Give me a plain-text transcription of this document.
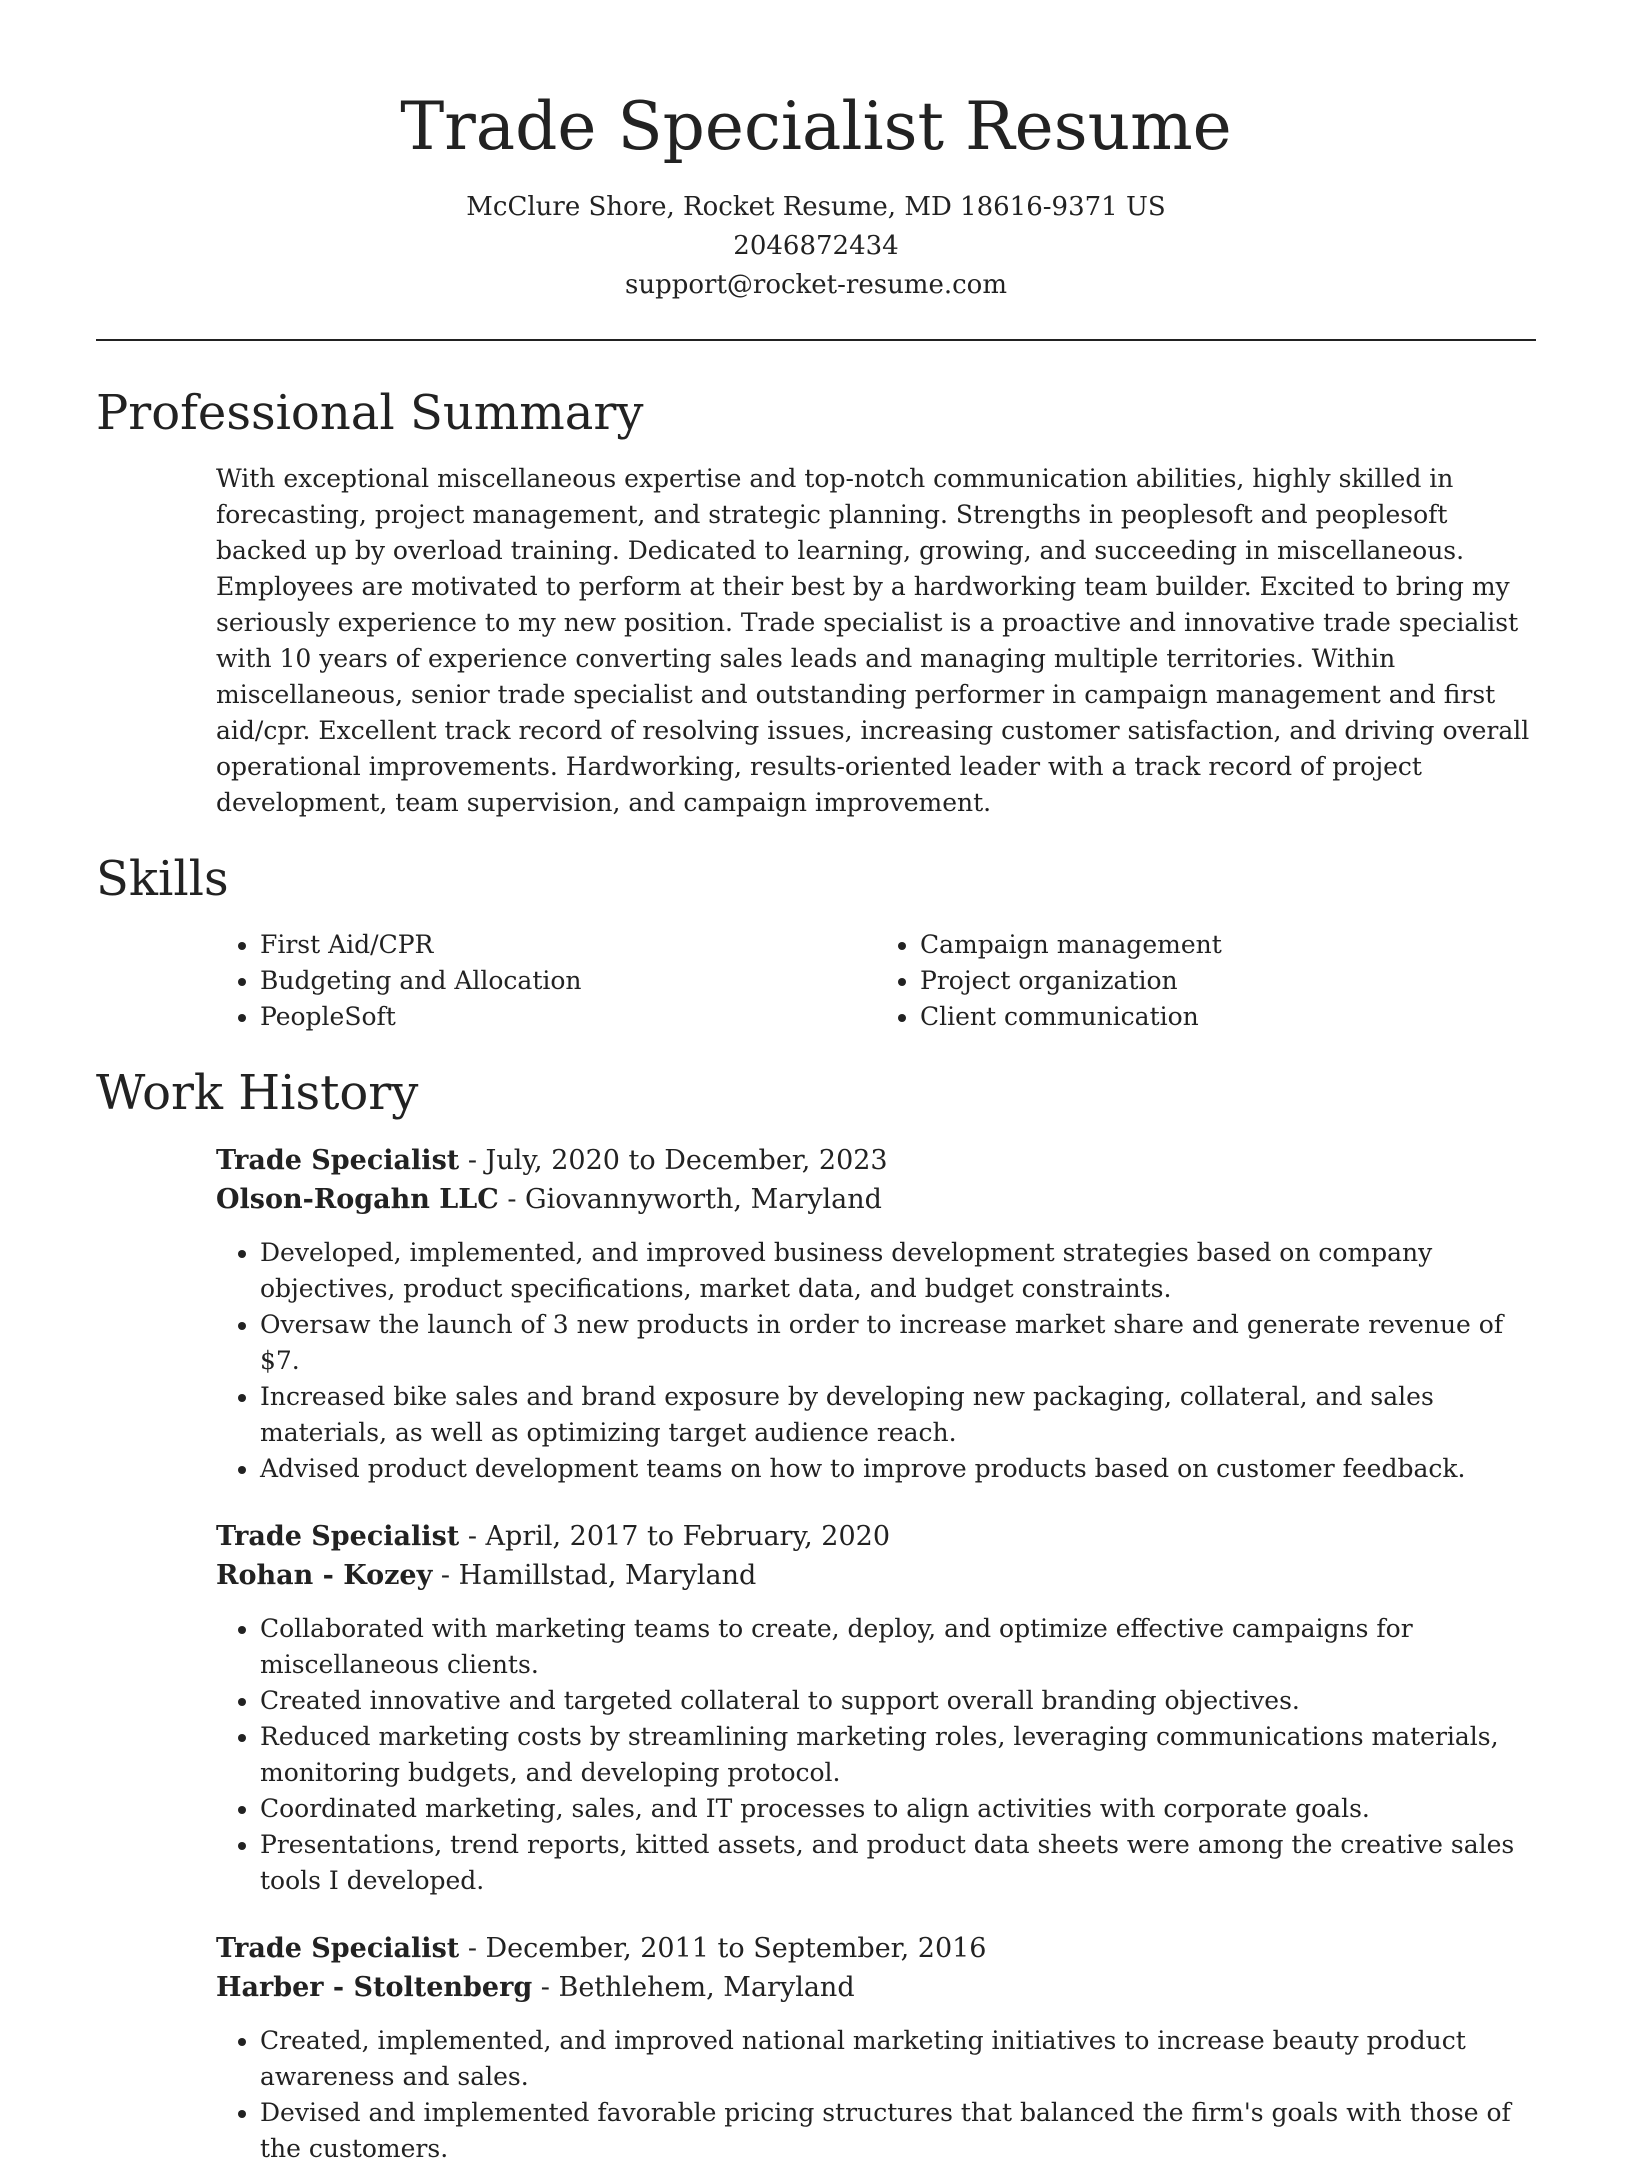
Trade Specialist Resume

McClure Shore, Rocket Resume, MD 18616-9371 US

2046872434

support@rocket-resume.com

Professional Summary

With exceptional miscellaneous expertise and top-notch communication abilities, highly skilled in forecasting, project management, and strategic planning. Strengths in peoplesoft and peoplesoft backed up by overload training. Dedicated to learning, growing, and succeeding in miscellaneous. Employees are motivated to perform at their best by a hardworking team builder. Excited to bring my seriously experience to my new position. Trade specialist is a proactive and innovative trade specialist with 10 years of experience converting sales leads and managing multiple territories. Within miscellaneous, senior trade specialist and outstanding performer in campaign management and first aid/cpr. Excellent track record of resolving issues, increasing customer satisfaction, and driving overall operational improvements. Hardworking, results-oriented leader with a track record of project development, team supervision, and campaign improvement.

Skills
• First Aid/CPR
• Budgeting and Allocation
• PeopleSoft
• Campaign management
• Project organization
• Client communication
Work History

Trade Specialist - July, 2020 to December, 2023

Olson-Rogahn LLC - Giovannyworth, Maryland

• Developed, implemented, and improved business development strategies based on company objectives, product specifications, market data, and budget constraints.
• Oversaw the launch of 3 new products in order to increase market share and generate revenue of $7.
• Increased bike sales and brand exposure by developing new packaging, collateral, and sales materials, as well as optimizing target audience reach.
• Advised product development teams on how to improve products based on customer feedback.

Trade Specialist - April, 2017 to February, 2020

Rohan - Kozey - Hamillstad, Maryland

• Collaborated with marketing teams to create, deploy, and optimize effective campaigns for miscellaneous clients.
• Created innovative and targeted collateral to support overall branding objectives.
• Reduced marketing costs by streamlining marketing roles, leveraging communications materials, monitoring budgets, and developing protocol.
• Coordinated marketing, sales, and IT processes to align activities with corporate goals.
• Presentations, trend reports, kitted assets, and product data sheets were among the creative sales tools I developed.

Trade Specialist - December, 2011 to September, 2016

Harber - Stoltenberg - Bethlehem, Maryland

• Created, implemented, and improved national marketing initiatives to increase beauty product awareness and sales.
• Devised and implemented favorable pricing structures that balanced the firm's goals with those of the customers.
